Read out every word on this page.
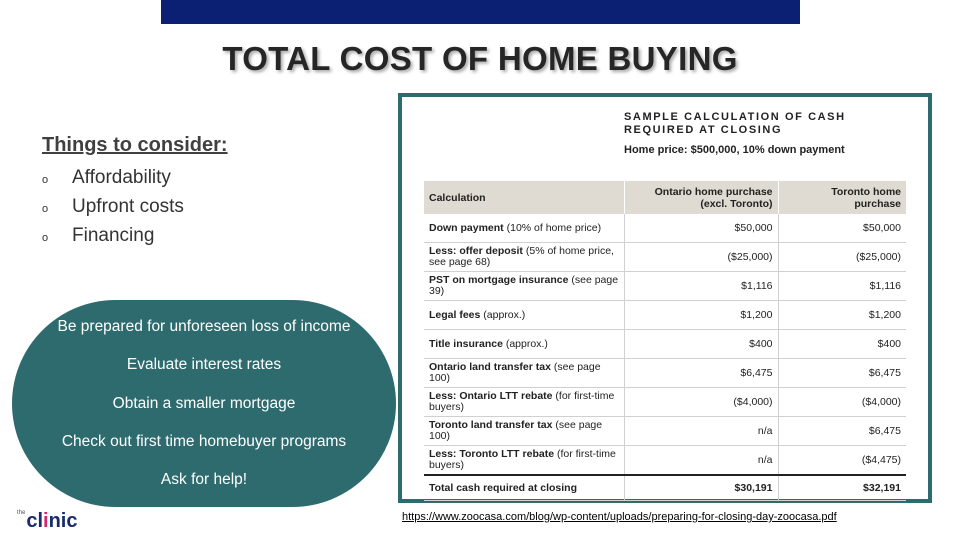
TOTAL COST OF HOME BUYING

Things to consider:

o Affordability
o Upfront costs
o Financing
Be prepared for unforeseen loss of income
Evaluate interest rates
Obtain a smaller mortgage
Check out first time homebuyer programs
Ask for help!
$^{the}$clinic	https://www.zoocasa.com/blog/wp-content/uploads/preparing-for-closing-day-zoocasa.pdf
SAMPLE CALCULATION OF CASH
REQUIRED AT CLOSING
Home price: $500,000, 10% down payment
Calculation	Ontario home purchase (excl. Toronto)	Toronto home purchase
Down payment (10% of home price)	$50,000	$50,000
Less: offer deposit (5% of home price, see page 68)	($25,000)	($25,000)
PST on mortgage insurance (see page 39)	$1,116	$1,116
Legal fees (approx.)	$1,200	$1,200
Title insurance (approx.)	$400	$400
Ontario land transfer tax (see page 100)	$6,475	$6,475
Less: Ontario LTT rebate (for first-time buyers)	($4,000)	($4,000)
Toronto land transfer tax (see page 100)	n/a	$6,475
Less: Toronto LTT rebate (for first-time buyers)	n/a	($4,475)
Total cash required at closing	$30,191	$32,191
